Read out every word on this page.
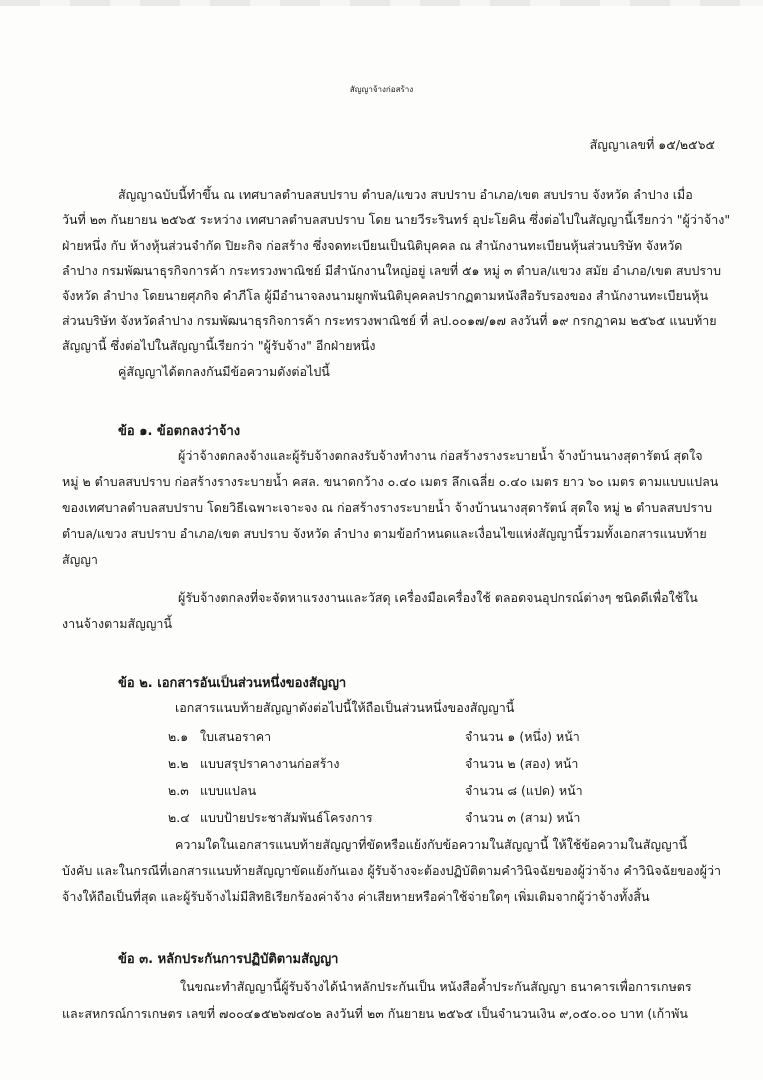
สัญญาจ้างก่อสร้าง
สัญญาเลขที่ ๑๕/๒๕๖๕
สัญญาฉบับนี้ทำขึ้น ณ เทศบาลตำบลสบปราบ ตำบล/แขวง สบปราบ อำเภอ/เขต สบปราบ จังหวัด ลำปาง เมื่อ
วันที่ ๒๓ กันยายน ๒๕๖๕ ระหว่าง เทศบาลตำบลสบปราบ โดย นายวีระรินทร์ อุปะโยคิน ซึ่งต่อไปในสัญญานี้เรียกว่า "ผู้ว่าจ้าง"
ฝ่ายหนึ่ง กับ ห้างหุ้นส่วนจำกัด ปิยะกิจ ก่อสร้าง ซึ่งจดทะเบียนเป็นนิติบุคคล ณ สำนักงานทะเบียนหุ้นส่วนบริษัท จังหวัด
ลำปาง กรมพัฒนาธุรกิจการค้า กระทรวงพาณิชย์ มีสำนักงานใหญ่อยู่ เลขที่ ๕๑ หมู่ ๓ ตำบล/แขวง สมัย อำเภอ/เขต สบปราบ
จังหวัด ลำปาง โดยนายศุภกิจ คำภีโล ผู้มีอำนาจลงนามผูกพันนิติบุคคลปรากฏตามหนังสือรับรองของ สำนักงานทะเบียนหุ้น
ส่วนบริษัท จังหวัดลำปาง กรมพัฒนาธุรกิจการค้า กระทรวงพาณิชย์ ที่ ลป.๐๐๑๗/๑๗ ลงวันที่ ๑๙ กรกฎาคม ๒๕๖๕ แนบท้าย
สัญญานี้ ซึ่งต่อไปในสัญญานี้เรียกว่า "ผู้รับจ้าง" อีกฝ่ายหนึ่ง
คู่สัญญาได้ตกลงกันมีข้อความดังต่อไปนี้
ข้อ ๑. ข้อตกลงว่าจ้าง
ผู้ว่าจ้างตกลงจ้างและผู้รับจ้างตกลงรับจ้างทำงาน ก่อสร้างรางระบายน้ำ จ้างบ้านนางสุดารัตน์ สุดใจ
หมู่ ๒ ตำบลสบปราบ ก่อสร้างรางระบายน้ำ คสล. ขนาดกว้าง ๐.๔๐ เมตร ลึกเฉลี่ย ๐.๔๐ เมตร ยาว ๖๐ เมตร ตามแบบแปลน
ของเทศบาลตำบลสบปราบ โดยวิธีเฉพาะเจาะจง ณ ก่อสร้างรางระบายน้ำ จ้างบ้านนางสุดารัตน์ สุดใจ หมู่ ๒ ตำบลสบปราบ
ตำบล/แขวง สบปราบ อำเภอ/เขต สบปราบ จังหวัด ลำปาง ตามข้อกำหนดและเงื่อนไขแห่งสัญญานี้รวมทั้งเอกสารแนบท้าย
สัญญา
ผู้รับจ้างตกลงที่จะจัดหาแรงงานและวัสดุ เครื่องมือเครื่องใช้ ตลอดจนอุปกรณ์ต่างๆ ชนิดดีเพื่อใช้ใน
งานจ้างตามสัญญานี้
ข้อ ๒. เอกสารอันเป็นส่วนหนึ่งของสัญญา
เอกสารแนบท้ายสัญญาดังต่อไปนี้ให้ถือเป็นส่วนหนึ่งของสัญญานี้
๒.๑ ใบเสนอราคา	จำนวน ๑ (หนึ่ง) หน้า
๒.๒ แบบสรุปราคางานก่อสร้าง	จำนวน ๒ (สอง) หน้า
๒.๓ แบบแปลน	จำนวน ๘ (แปด) หน้า
๒.๔ แบบป้ายประชาสัมพันธ์โครงการ	จำนวน ๓ (สาม) หน้า
ความใดในเอกสารแนบท้ายสัญญาที่ขัดหรือแย้งกับข้อความในสัญญานี้ ให้ใช้ข้อความในสัญญานี้
บังคับ และในกรณีที่เอกสารแนบท้ายสัญญาขัดแย้งกันเอง ผู้รับจ้างจะต้องปฏิบัติตามคำวินิจฉัยของผู้ว่าจ้าง คำวินิจฉัยของผู้ว่า
จ้างให้ถือเป็นที่สุด และผู้รับจ้างไม่มีสิทธิเรียกร้องค่าจ้าง ค่าเสียหายหรือค่าใช้จ่ายใดๆ เพิ่มเติมจากผู้ว่าจ้างทั้งสิ้น
ข้อ ๓. หลักประกันการปฏิบัติตามสัญญา
ในขณะทำสัญญานี้ผู้รับจ้างได้นำหลักประกันเป็น หนังสือค้ำประกันสัญญา ธนาคารเพื่อการเกษตร
และสหกรณ์การเกษตร เลขที่ ๗๐๐๔๑๕๒๖๗๔๐๒ ลงวันที่ ๒๓ กันยายน ๒๕๖๕ เป็นจำนวนเงิน ๙,๐๕๐.๐๐ บาท (เก้าพัน
